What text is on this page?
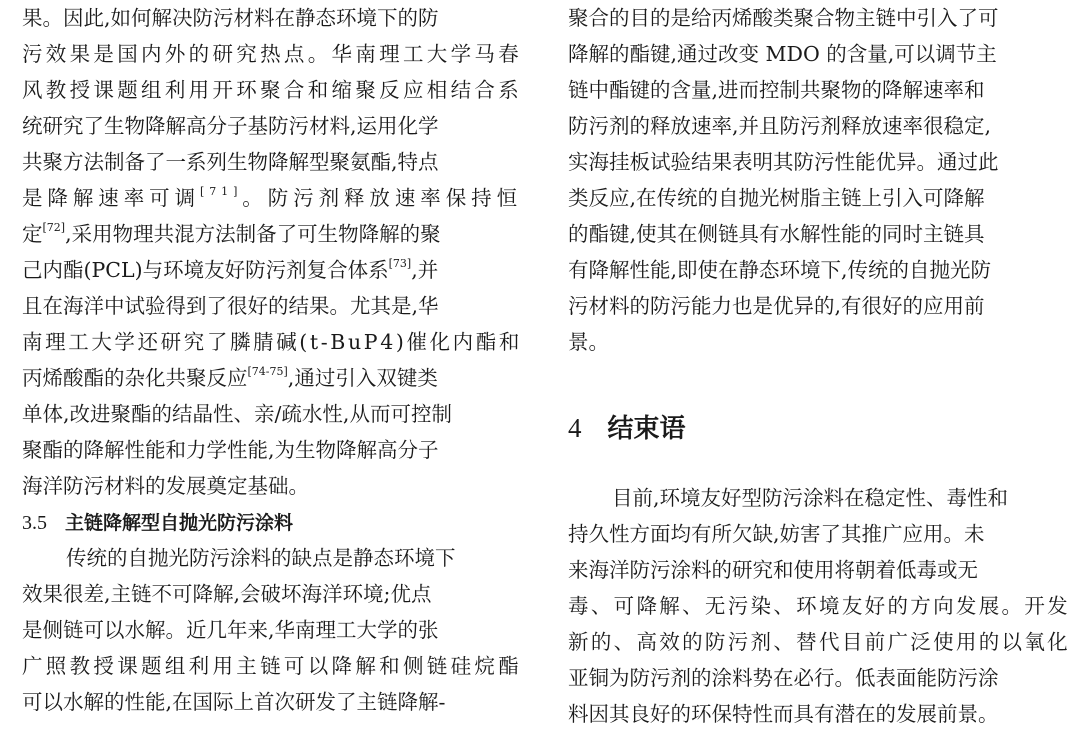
果。因此,如何解决防污材料在静态环境下的防
污效果是国内外的研究热点。华南理工大学马春
风教授课题组利用开环聚合和缩聚反应相结合系
统研究了生物降解高分子基防污材料,运用化学
共聚方法制备了一系列生物降解型聚氨酯,特点
是降解速率可调[71]。防污剂释放速率保持恒
定[72],采用物理共混方法制备了可生物降解的聚
己内酯(PCL)与环境友好防污剂复合体系[73],并
且在海洋中试验得到了很好的结果。尤其是,华
南理工大学还研究了膦腈碱(t-BuP4)催化内酯和
丙烯酸酯的杂化共聚反应[74-75],通过引入双键类
单体,改进聚酯的结晶性、亲/疏水性,从而可控制
聚酯的降解性能和力学性能,为生物降解高分子
海洋防污材料的发展奠定基础。
3.5 主链降解型自抛光防污涂料
传统的自抛光防污涂料的缺点是静态环境下
效果很差,主链不可降解,会破坏海洋环境;优点
是侧链可以水解。近几年来,华南理工大学的张
广照教授课题组利用主链可以降解和侧链硅烷酯
可以水解的性能,在国际上首次研发了主链降解-
聚合的目的是给丙烯酸类聚合物主链中引入了可
降解的酯键,通过改变 MDO 的含量,可以调节主
链中酯键的含量,进而控制共聚物的降解速率和
防污剂的释放速率,并且防污剂释放速率很稳定,
实海挂板试验结果表明其防污性能优异。通过此
类反应,在传统的自抛光树脂主链上引入可降解
的酯键,使其在侧链具有水解性能的同时主链具
有降解性能,即使在静态环境下,传统的自抛光防
污材料的防污能力也是优异的,有很好的应用前
景。
4 结束语
目前,环境友好型防污涂料在稳定性、毒性和
持久性方面均有所欠缺,妨害了其推广应用。未
来海洋防污涂料的研究和使用将朝着低毒或无
毒、可降解、无污染、环境友好的方向发展。开发
新的、高效的防污剂、替代目前广泛使用的以氧化
亚铜为防污剂的涂料势在必行。低表面能防污涂
料因其良好的环保特性而具有潜在的发展前景。
